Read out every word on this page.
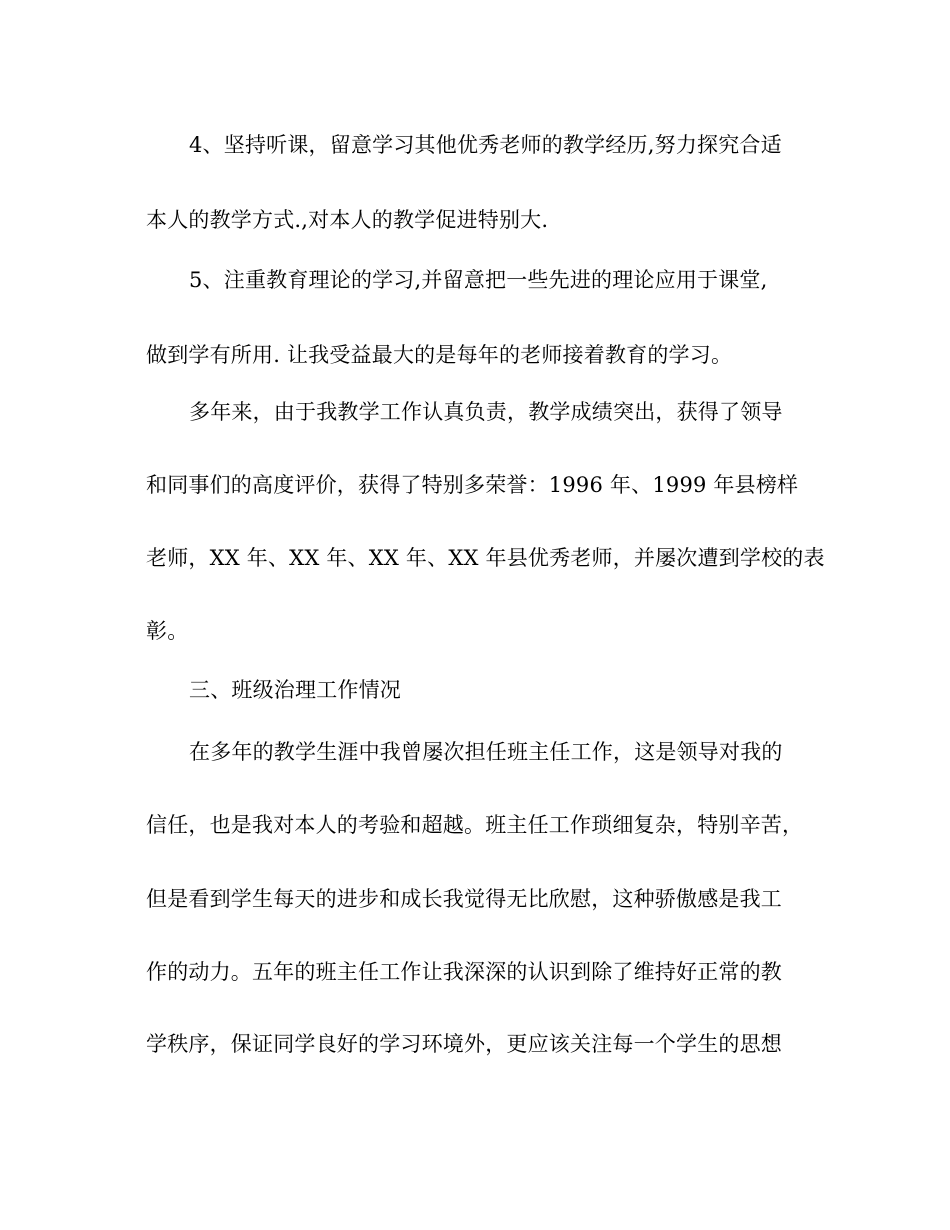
4、坚持听课，留意学习其他优秀老师的教学经历,努力探究合适
本人的教学方式.,对本人的教学促进特别大.
5、注重教育理论的学习,并留意把一些先进的理论应用于课堂,
做到学有所用. 让我受益最大的是每年的老师接着教育的学习。
多年来，由于我教学工作认真负责，教学成绩突出，获得了领导
和同事们的高度评价，获得了特别多荣誉：1996 年、1999 年县榜样
老师，XX 年、XX 年、XX 年、XX 年县优秀老师，并屡次遭到学校的表
彰。
三、班级治理工作情况
在多年的教学生涯中我曾屡次担任班主任工作，这是领导对我的
信任，也是我对本人的考验和超越。班主任工作琐细复杂，特别辛苦，
但是看到学生每天的进步和成长我觉得无比欣慰，这种骄傲感是我工
作的动力。五年的班主任工作让我深深的认识到除了维持好正常的教
学秩序，保证同学良好的学习环境外，更应该关注每一个学生的思想
